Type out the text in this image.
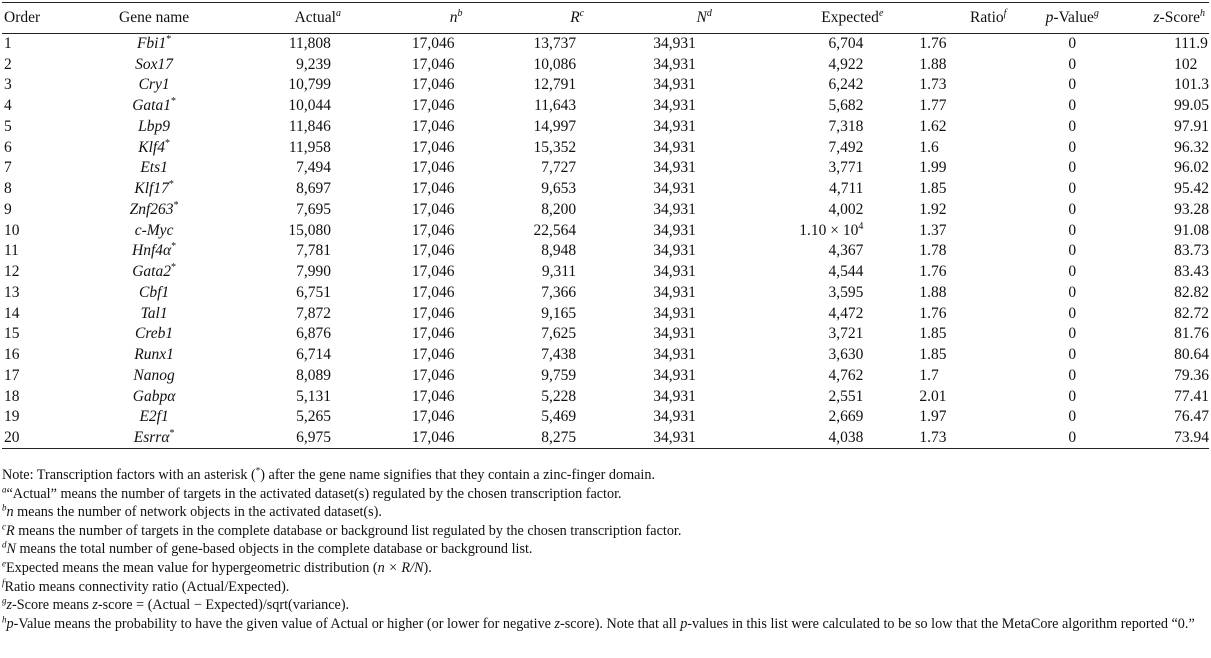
Order	Gene name	Actual$^a$	$n^b$	$R^c$	$N^d$	Expected$^e$	Ratio$^f$	p-Value$^g$	z-Score$^h$
1	Fbi1*	11,808	17,046	13,737	34,931	6,704	1.76	0	111.9
2	Sox17	9,239	17,046	10,086	34,931	4,922	1.88	0	102
3	Cry1	10,799	17,046	12,791	34,931	6,242	1.73	0	101.3
4	Gata1*	10,044	17,046	11,643	34,931	5,682	1.77	0	99.05
5	Lbp9	11,846	17,046	14,997	34,931	7,318	1.62	0	97.91
6	Klf4*	11,958	17,046	15,352	34,931	7,492	1.6	0	96.32
7	Ets1	7,494	17,046	7,727	34,931	3,771	1.99	0	96.02
8	Klf17*	8,697	17,046	9,653	34,931	4,711	1.85	0	95.42
9	Znf263*	7,695	17,046	8,200	34,931	4,002	1.92	0	93.28
10	c-Myc	15,080	17,046	22,564	34,931	$1.10 \times 10^4$	1.37	0	91.08
11	Hnf4α*	7,781	17,046	8,948	34,931	4,367	1.78	0	83.73
12	Gata2*	7,990	17,046	9,311	34,931	4,544	1.76	0	83.43
13	Cbf1	6,751	17,046	7,366	34,931	3,595	1.88	0	82.82
14	Tal1	7,872	17,046	9,165	34,931	4,472	1.76	0	82.72
15	Creb1	6,876	17,046	7,625	34,931	3,721	1.85	0	81.76
16	Runx1	6,714	17,046	7,438	34,931	3,630	1.85	0	80.64
17	Nanog	8,089	17,046	9,759	34,931	4,762	1.7	0	79.36
18	Gabpα	5,131	17,046	5,228	34,931	2,551	2.01	0	77.41
19	E2f1	5,265	17,046	5,469	34,931	2,669	1.97	0	76.47
20	Esrrα*	6,975	17,046	8,275	34,931	4,038	1.73	0	73.94

Note: Transcription factors with an asterisk (*) after the gene name signifies that they contain a zinc-finger domain.

$^a$“Actual” means the number of targets in the activated dataset(s) regulated by the chosen transcription factor.

$^b$n means the number of network objects in the activated dataset(s).

$^c$R means the number of targets in the complete database or background list regulated by the chosen transcription factor.

$^d$N means the total number of gene-based objects in the complete database or background list.

$^e$Expected means the mean value for hypergeometric distribution (n × R/N).

$^f$Ratio means connectivity ratio (Actual/Expected).

$^g$z-Score means z-score = (Actual − Expected)/sqrt(variance).

$^h$p-Value means the probability to have the given value of Actual or higher (or lower for negative z-score). Note that all p-values in this list were calculated to be so low that the MetaCore algorithm reported “0.”
